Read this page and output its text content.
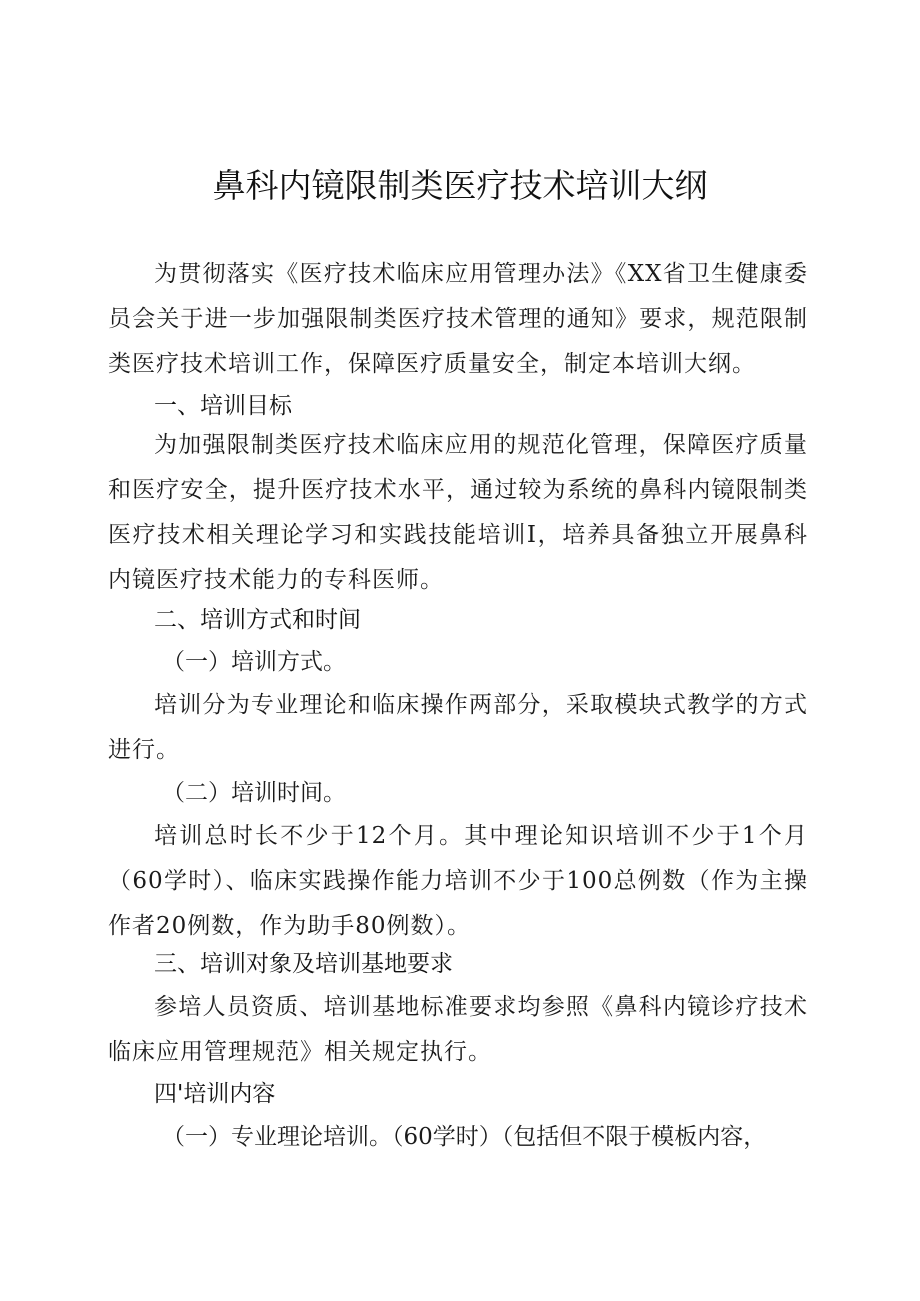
鼻科内镜限制类医疗技术培训大纲

为贯彻落实《医疗技术临床应用管理办法》《XX省卫生健康委员会关于进一步加强限制类医疗技术管理的通知》要求，规范限制类医疗技术培训工作，保障医疗质量安全，制定本培训大纲。

一、培训目标

为加强限制类医疗技术临床应用的规范化管理，保障医疗质量和医疗安全，提升医疗技术水平，通过较为系统的鼻科内镜限制类医疗技术相关理论学习和实践技能培训I，培养具备独立开展鼻科内镜医疗技术能力的专科医师。

二、培训方式和时间

（一）培训方式。

培训分为专业理论和临床操作两部分，采取模块式教学的方式进行。

（二）培训时间。

培训总时长不少于12个月。其中理论知识培训不少于1个月（60学时）、临床实践操作能力培训不少于100总例数（作为主操作者20例数，作为助手80例数）。

三、培训对象及培训基地要求

参培人员资质、培训基地标准要求均参照《鼻科内镜诊疗技术临床应用管理规范》相关规定执行。

四'培训内容

（一）专业理论培训。（60学时）（包括但不限于模板内容，
